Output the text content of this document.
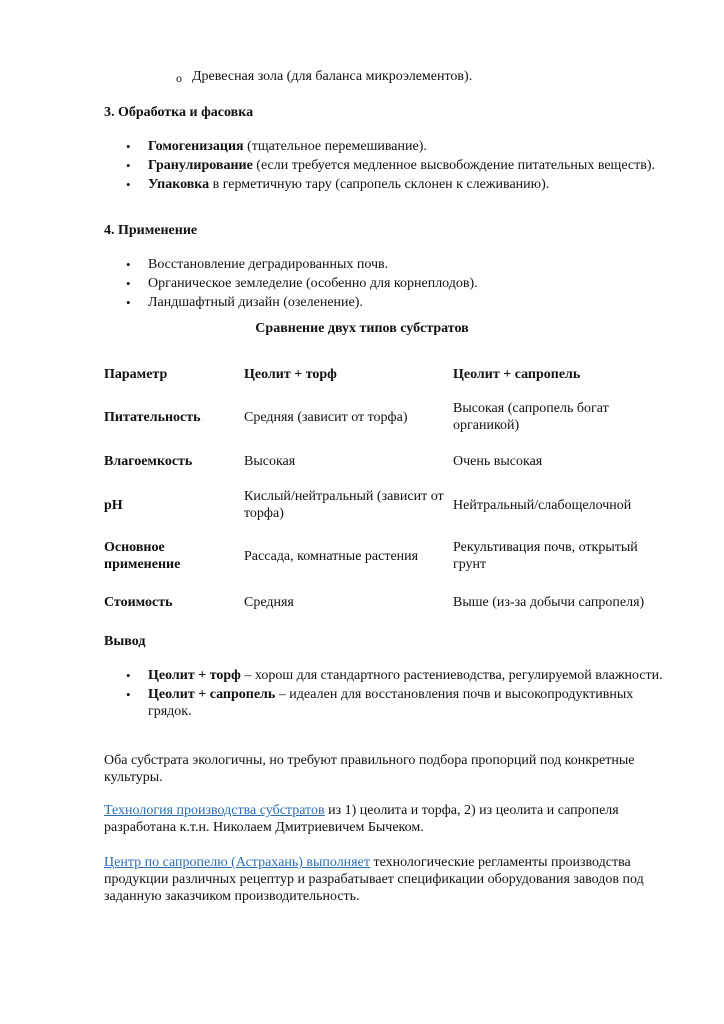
o Древесная зола (для баланса микроэлементов).
3. Обработка и фасовка
• Гомогенизация (тщательное перемешивание).
• Гранулирование (если требуется медленное высвобождение питательных веществ).
• Упаковка в герметичную тару (сапропель склонен к слеживанию).
4. Применение
• Восстановление деградированных почв.
• Органическое земледелие (особенно для корнеплодов).
• Ландшафтный дизайн (озеленение).
Сравнение двух типов субстратов
Параметр	Цеолит + торф	Цеолит + сапропель
Питательность	Средняя (зависит от торфа)	Высокая (сапропель богат органикой)
Влагоемкость	Высокая	Очень высокая
pH	Кислый/нейтральный (зависит от торфа)	Нейтральный/слабощелочной
Основное применение	Рассада, комнатные растения	Рекультивация почв, открытый грунт
Стоимость	Средняя	Выше (из-за добычи сапропеля)
Вывод
• Цеолит + торф – хорош для стандартного растениеводства, регулируемой влажности.
• Цеолит + сапропель – идеален для восстановления почв и высокопродуктивных грядок.
Оба субстрата экологичны, но требуют правильного подбора пропорций под конкретные культуры.
Технология производства субстратов из 1) цеолита и торфа, 2) из цеолита и сапропеля разработана к.т.н. Николаем Дмитриевичем Бычеком.
Центр по сапропелю (Астрахань) выполняет технологические регламенты производства продукции различных рецептур и разрабатывает спецификации оборудования заводов под заданную заказчиком производительность.
